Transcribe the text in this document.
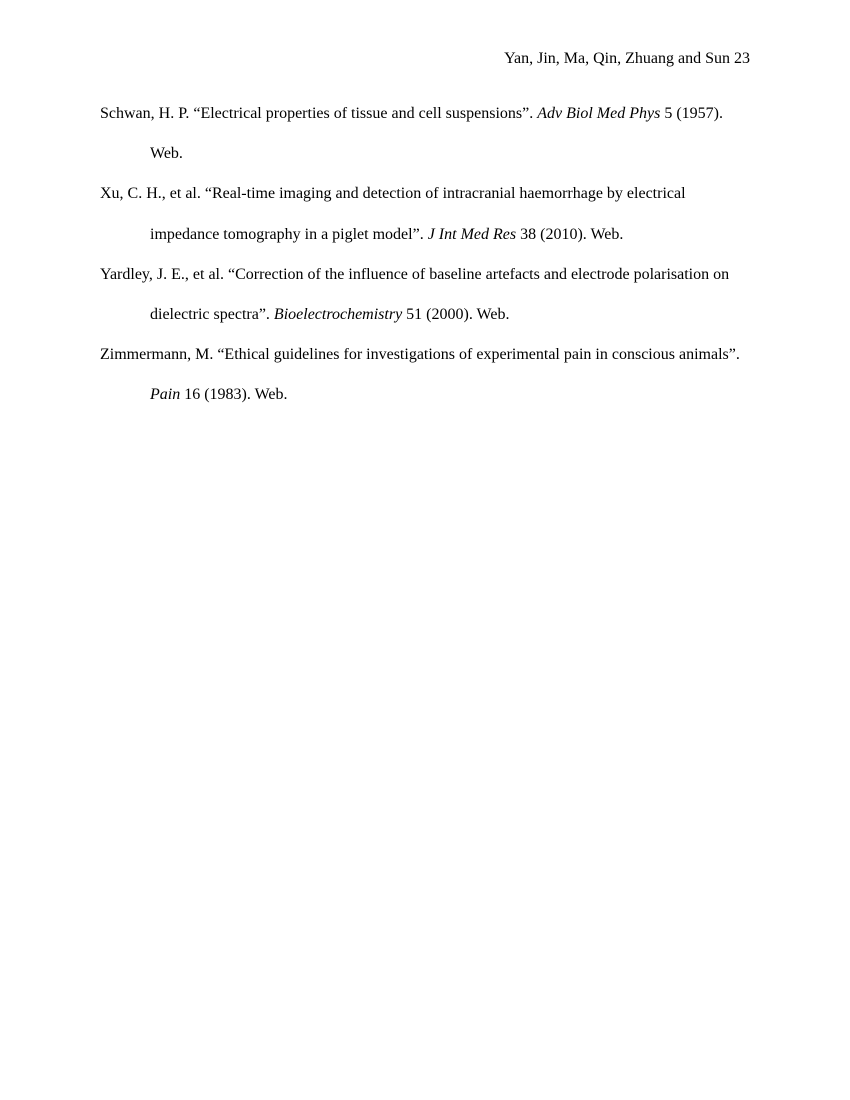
Yan, Jin, Ma, Qin, Zhuang and Sun 23
Schwan, H. P. “Electrical properties of tissue and cell suspensions”. Adv Biol Med Phys 5 (1957). Web.
Xu, C. H., et al. “Real-time imaging and detection of intracranial haemorrhage by electrical impedance tomography in a piglet model”. J Int Med Res 38 (2010). Web.
Yardley, J. E., et al. “Correction of the influence of baseline artefacts and electrode polarisation on dielectric spectra”. Bioelectrochemistry 51 (2000). Web.
Zimmermann, M. “Ethical guidelines for investigations of experimental pain in conscious animals”. Pain 16 (1983). Web.
